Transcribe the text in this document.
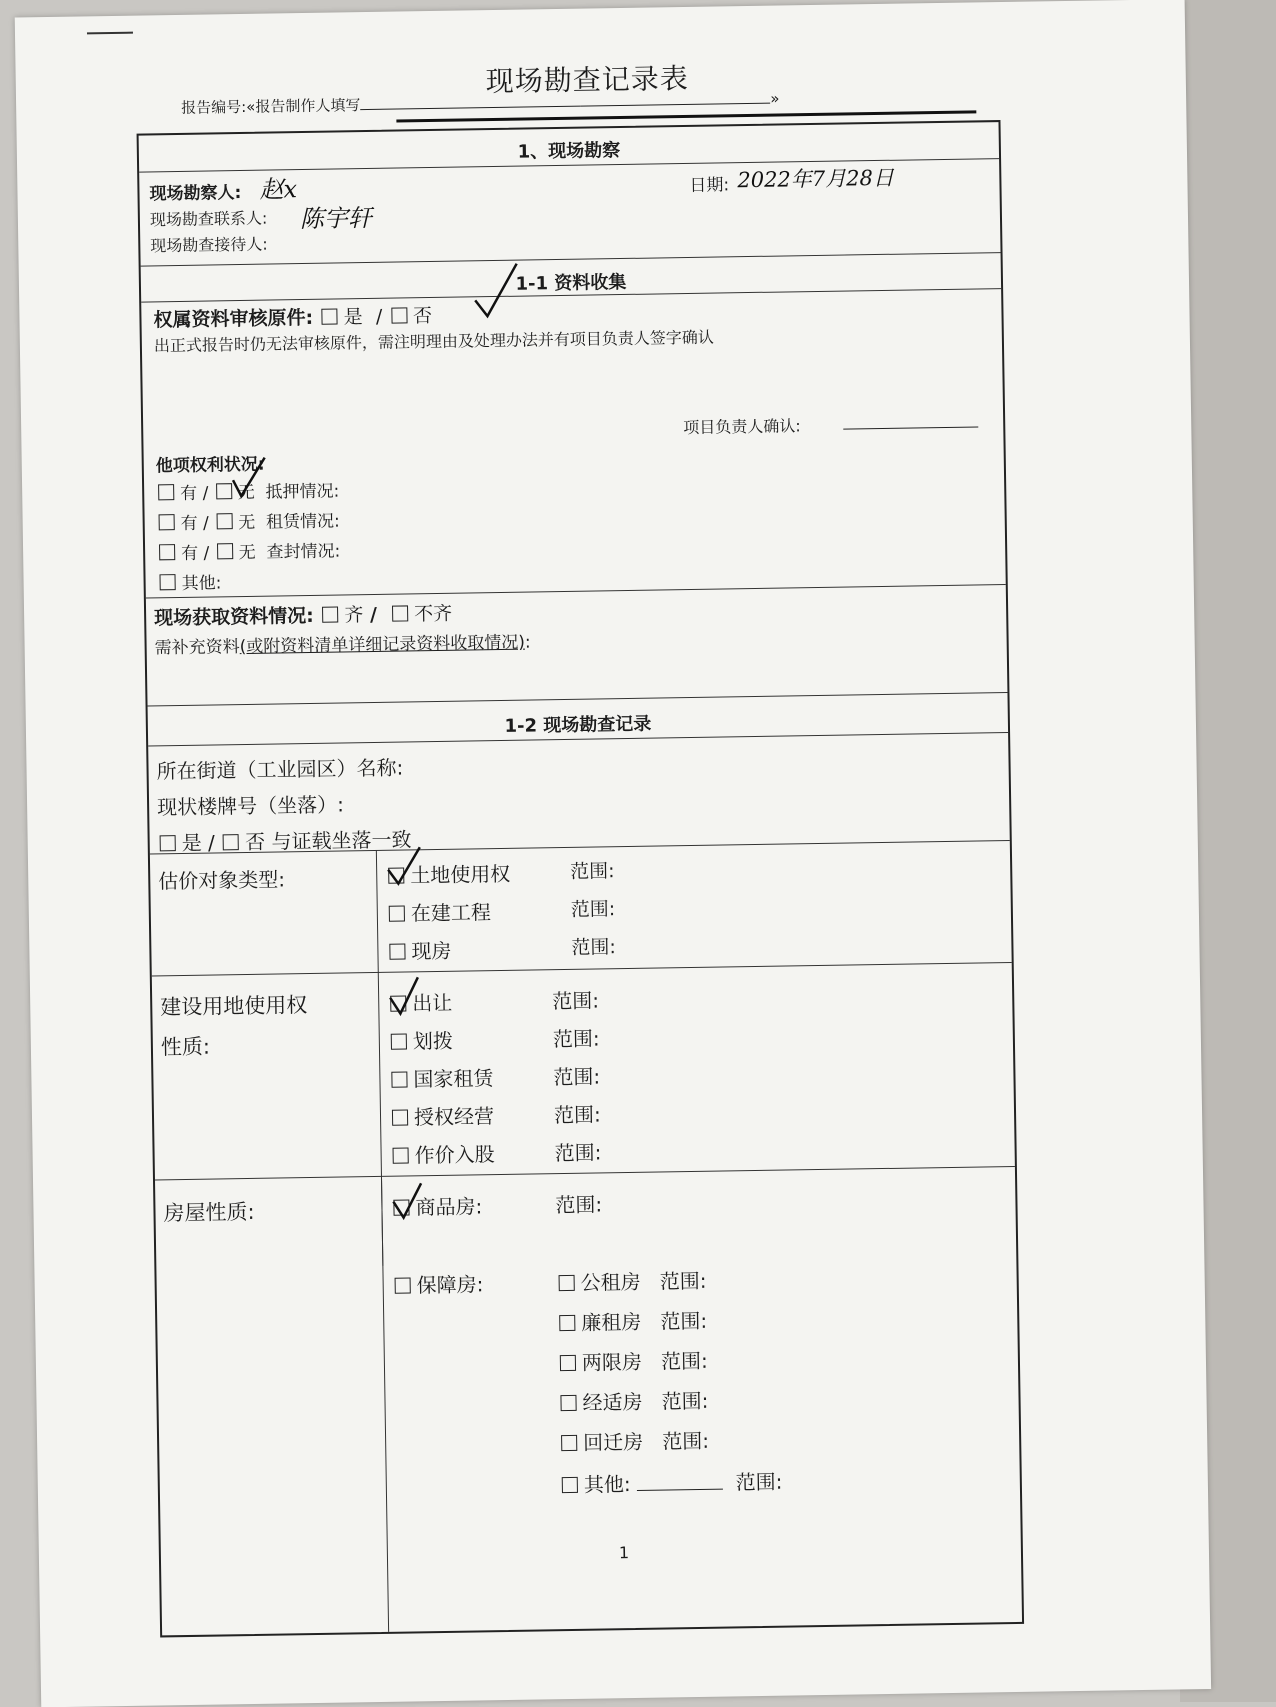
现场勘查记录表
报告编号:«报告制作人填写	»
1、现场勘察
现场勘察人: 赵x
现场勘查联系人: 陈宇轩
现场勘查接待人:
日期: 2022年7月28日
1-1 资料收集
权属资料审核原件: 是 / 否
出正式报告时仍无法审核原件，需注明理由及处理办法并有项目负责人签字确认
项目负责人确认:
他项权利状况:
有 / 无 抵押情况:
有 / 无 租赁情况:
有 / 无 查封情况:
其他:
现场获取资料情况: 齐 /  不齐
需补充资料(或附资料清单详细记录资料收取情况):
1-2 现场勘查记录
所在街道（工业园区）名称:
现状楼牌号（坐落）:
是 / 否 与证载坐落一致
估价对象类型:	土地使用权	范围:
在建工程	范围:
现房	范围:
建设用地使用权
性质:
出让	范围:
划拨	范围:
国家租赁	范围:
授权经营	范围:
作价入股	范围:
房屋性质:	商品房:	范围:
保障房:	公租房 范围:
廉租房 范围:
两限房 范围:
经适房 范围:
回迁房 范围:
其他:	范围:
1
